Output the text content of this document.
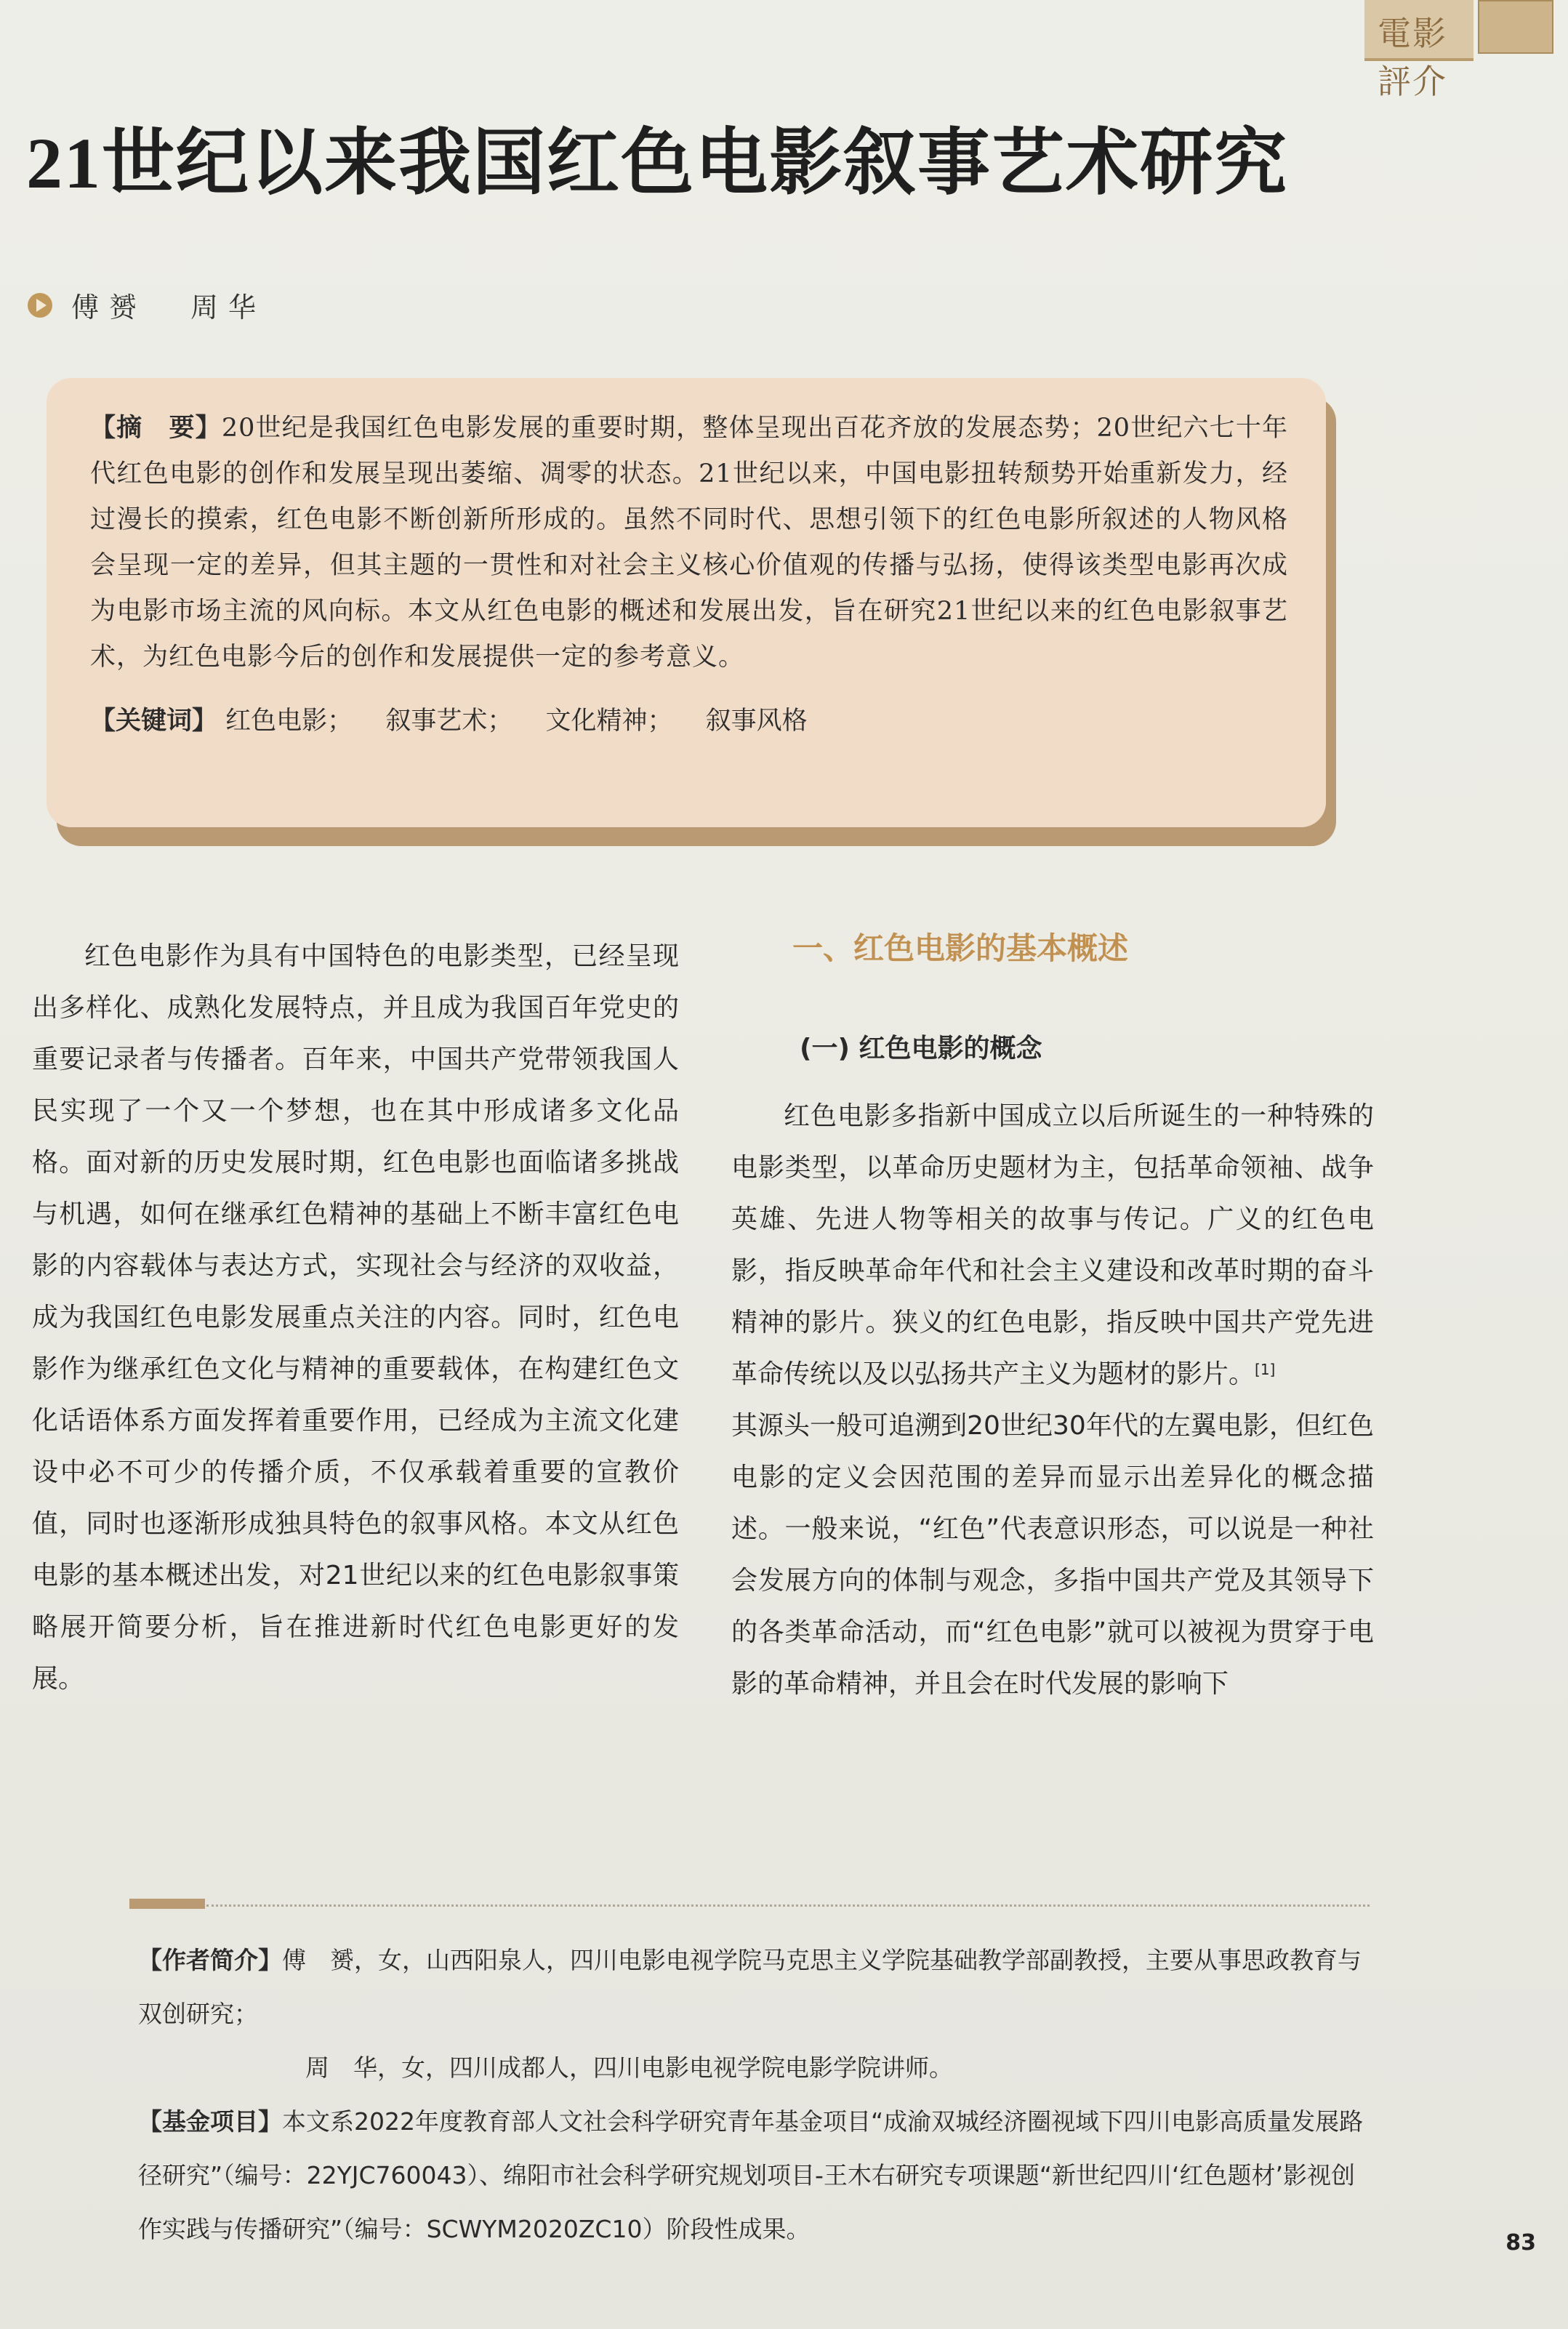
電影評介
21世纪以来我国红色电影叙事艺术研究
傅赟 周华

【摘　要】20世纪是我国红色电影发展的重要时期，整体呈现出百花齐放的发展态势；20世纪六七十年代红色电影的创作和发展呈现出萎缩、凋零的状态。21世纪以来，中国电影扭转颓势开始重新发力，经过漫长的摸索，红色电影不断创新所形成的。虽然不同时代、思想引领下的红色电影所叙述的人物风格会呈现一定的差异，但其主题的一贯性和对社会主义核心价值观的传播与弘扬，使得该类型电影再次成为电影市场主流的风向标。本文从红色电影的概述和发展出发，旨在研究21世纪以来的红色电影叙事艺术，为红色电影今后的创作和发展提供一定的参考意义。

【关键词】 红色电影； 叙事艺术； 文化精神； 叙事风格
红色电影作为具有中国特色的电影类型，已经呈现出多样化、成熟化发展特点，并且成为我国百年党史的重要记录者与传播者。百年来，中国共产党带领我国人民实现了一个又一个梦想，也在其中形成诸多文化品格。面对新的历史发展时期，红色电影也面临诸多挑战与机遇，如何在继承红色精神的基础上不断丰富红色电影的内容载体与表达方式，实现社会与经济的双收益，成为我国红色电影发展重点关注的内容。同时，红色电影作为继承红色文化与精神的重要载体，在构建红色文化话语体系方面发挥着重要作用，已经成为主流文化建设中必不可少的传播介质，不仅承载着重要的宣教价值，同时也逐渐形成独具特色的叙事风格。本文从红色电影的基本概述出发，对21世纪以来的红色电影叙事策略展开简要分析，旨在推进新时代红色电影更好的发展。
一、红色电影的基本概述
(一) 红色电影的概念

红色电影多指新中国成立以后所诞生的一种特殊的电影类型，以革命历史题材为主，包括革命领袖、战争英雄、先进人物等相关的故事与传记。广义的红色电影，指反映革命年代和社会主义建设和改革时期的奋斗精神的影片。狭义的红色电影，指反映中国共产党先进革命传统以及以弘扬共产主义为题材的影片。[1]

其源头一般可追溯到20世纪30年代的左翼电影，但红色电影的定义会因范围的差异而显示出差异化的概念描述。一般来说，“红色”代表意识形态，可以说是一种社会发展方向的体制与观念，多指中国共产党及其领导下的各类革命活动，而“红色电影”就可以被视为贯穿于电影的革命精神，并且会在时代发展的影响下

【作者简介】傅　赟，女，山西阳泉人，四川电影电视学院马克思主义学院基础教学部副教授，主要从事思政教育与双创研究；

周　华，女，四川成都人，四川电影电视学院电影学院讲师。

【基金项目】本文系2022年度教育部人文社会科学研究青年基金项目“成渝双城经济圈视域下四川电影高质量发展路径研究”（编号：22YJC760043）、绵阳市社会科学研究规划项目-王木右研究专项课题“新世纪四川‘红色题材’影视创作实践与传播研究”（编号：SCWYM2020ZC10）阶段性成果。	83
